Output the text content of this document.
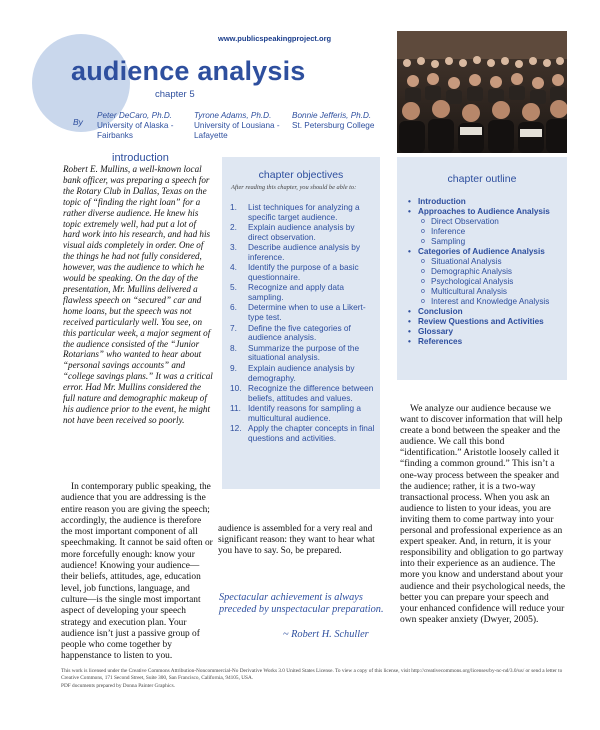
www.publicspeakingproject.org
audience analysis
chapter 5
By
Peter DeCaro, Ph.D.
University of Alaska - Fairbanks
Tyrone Adams, Ph.D.
University of Lousiana - Lafayette
Bonnie Jefferis, Ph.D.
St. Petersburg College
introduction
Robert E. Mullins, a well-known local bank officer, was preparing a speech for the Rotary Club in Dallas, Texas on the topic of “finding the right loan” for a rather diverse audience. He knew his topic extremely well, had put a lot of hard work into his research, and had his visual aids completely in order. One of the things he had not fully considered, however, was the audience to which he would be speaking. On the day of the presentation, Mr. Mullins delivered a flawless speech on “secured” car and home loans, but the speech was not received particularly well. You see, on this particular week, a major segment of the audience consisted of the “Junior Rotarians” who wanted to hear about “personal savings accounts” and “college savings plans.” It was a critical error. Had Mr. Mullins considered the full nature and demographic makeup of his audience prior to the event, he might not have been received so poorly.
In contemporary public speaking, the audience that you are addressing is the entire reason you are giving the speech; accordingly, the audience is therefore the most important component of all speechmaking. It cannot be said often or more forcefully enough: know your audience! Knowing your audience—their beliefs, attitudes, age, education level, job functions, language, and culture—is the single most important aspect of developing your speech strategy and execution plan. Your audience isn’t just a passive group of people who come together by happenstance to listen to you.
chapter objectives
After reading this chapter, you should be able to:
1.	List techniques for analyzing a specific target audience.
2.	Explain audience analysis by direct observation.
3.	Describe audience analysis by inference.
4.	Identify the purpose of a basic questionnaire.
5.	Recognize and apply data sampling.
6.	Determine when to use a Likert-type test.
7.	Define the five categories of audience analysis.
8.	Summarize the purpose of the situational analysis.
9.	Explain audience analysis by demography.
10. Recognize the difference between beliefs, attitudes and values.
11. Identify reasons for sampling a multicultural audience.
12. Apply the chapter concepts in final questions and activities.
chapter outline
• Introduction
• Approaches to Audience Analysis
o Direct Observation
o Inference
o Sampling
• Categories of Audience Analysis
o Situational Analysis
o Demographic Analysis
o Psychological Analysis
o Multicultural Analysis
o Interest and Knowledge Analysis
• Conclusion
• Review Questions and Activities
• Glossary
• References
audience is assembled for a very real and significant reason: they want to hear what you have to say. So, be prepared.
Spectacular achievement is always preceded by unspectacular preparation.
~ Robert H. Schuller
We analyze our audience because we want to discover information that will help create a bond between the speaker and the audience. We call this bond “identification.” Aristotle loosely called it “finding a common ground.” This isn’t a one-way process between the speaker and the audience; rather, it is a two-way transactional process. When you ask an audience to listen to your ideas, you are inviting them to come partway into your personal and professional experience as an expert speaker. And, in return, it is your responsibility and obligation to go partway into their experience as an audience. The more you know and understand about your audience and their psychological needs, the better you can prepare your speech and your enhanced confidence will reduce your own speaker anxiety (Dwyer, 2005).
This work is licensed under the Creative Commons Attribution-Noncommercial-No Derivative Works 3.0 United States License. To view a copy of this license, visit http://creativecommons.org/licenses/by-nc-nd/3.0/us/ or send a letter to Creative Commons, 171 Second Street, Suite 300, San Francisco, California, 94105, USA.
PDF documents prepared by Donna Painter Graphics.
